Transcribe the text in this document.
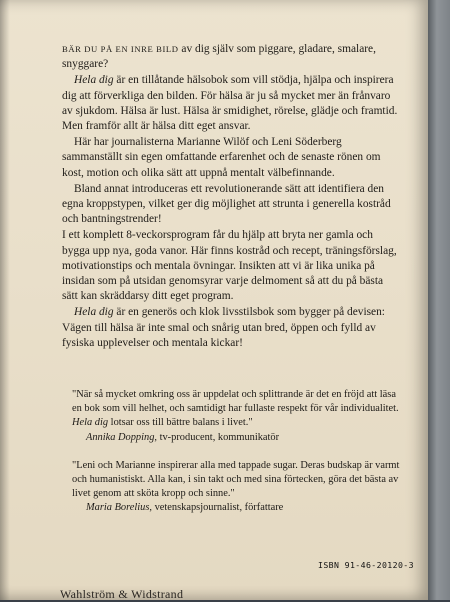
BÄR DU PÅ EN INRE BILD av dig själv som piggare, gladare, smalare, snyggare?

Hela dig är en tillåtande hälsobok som vill stödja, hjälpa och inspirera dig att förverkliga den bilden. För hälsa är ju så mycket mer än frånvaro av sjukdom. Hälsa är lust. Hälsa är smidighet, rörelse, glädje och framtid. Men framför allt är hälsa ditt eget ansvar.

Här har journalisterna Marianne Wilöf och Leni Söderberg sammanställt sin egen omfattande erfarenhet och de senaste rönen om kost, motion och olika sätt att uppnå mentalt välbefinnande.

Bland annat introduceras ett revolutionerande sätt att identifiera den egna kroppstypen, vilket ger dig möjlighet att strunta i generella kostråd och bantningstrender!

I ett komplett 8-veckorsprogram får du hjälp att bryta ner gamla och bygga upp nya, goda vanor. Här finns kostråd och recept, träningsförslag, motivationstips och mentala övningar. Insikten att vi är lika unika på insidan som på utsidan genomsyrar varje delmoment så att du på bästa sätt kan skräddarsy ditt eget program.

Hela dig är en generös och klok livsstilsbok som bygger på devisen: Vägen till hälsa är inte smal och snårig utan bred, öppen och fylld av fysiska upplevelser och mentala kickar!

"När så mycket omkring oss är uppdelat och splittrande är det en fröjd att läsa en bok som vill helhet, och samtidigt har fullaste respekt för vår individualitet. Hela dig lotsar oss till bättre balans i livet."
Annika Dopping, tv-producent, kommunikatör
"Leni och Marianne inspirerar alla med tappade sugar. Deras budskap är varmt och humanistiskt. Alla kan, i sin takt och med sina förtecken, göra det bästa av livet genom att sköta kropp och sinne."
Maria Borelius, vetenskapsjournalist, författare
ISBN 91-46-20120-3
Wahlström & Widstrand
